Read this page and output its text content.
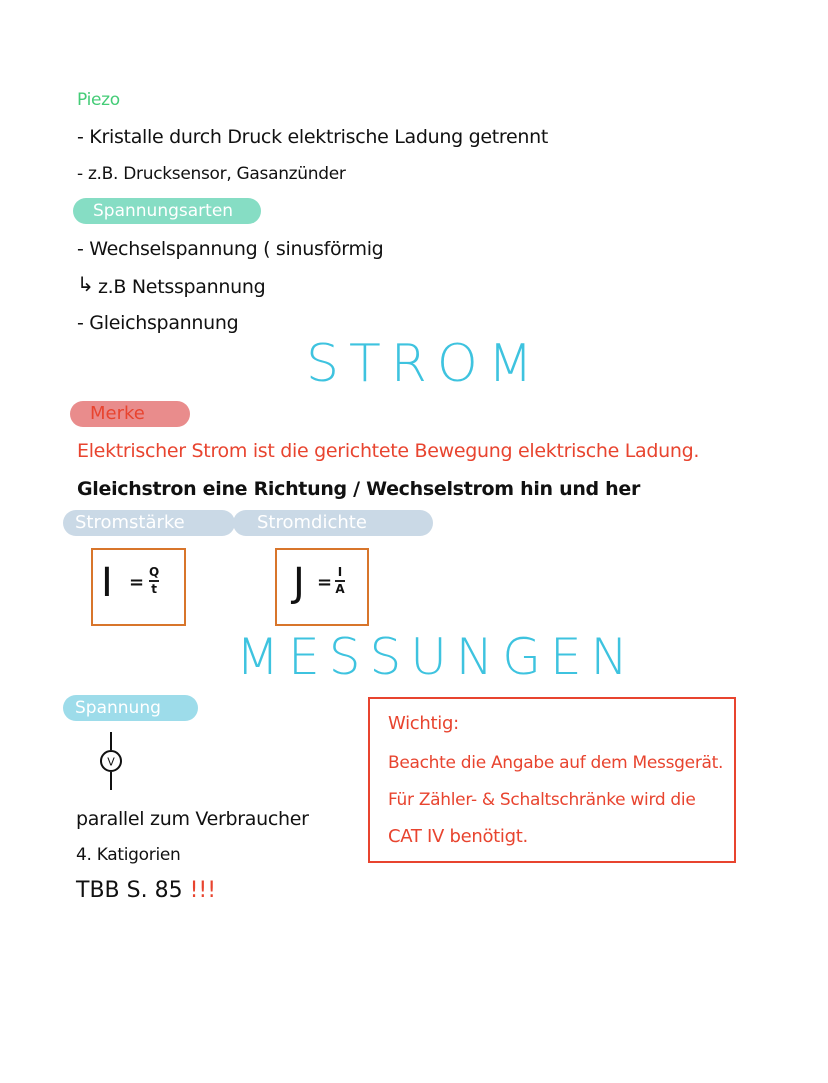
Piezo
- Kristalle durch Druck elektrische Ladung getrennt
- z.B. Drucksensor, Gasanzünder
Spannungsarten
- Wechselspannung ( sinusförmig
↳ z.B Netsspannung
- Gleichspannung
STROM
Merke
Elektrischer Strom ist die gerichtete Bewegung elektrische Ladung.
Gleichstron eine Richtung / Wechselstrom hin und her
Stromstärke	Stromdichte
I = Q
t	J = I
A
MESSUNGEN
Spannung
V
parallel zum Verbraucher
4. Katigorien
TBB S. 85 !!!
Wichtig:
Beachte die Angabe auf dem Messgerät.
Für Zähler- & Schaltschränke wird die
CAT IV benötigt.
